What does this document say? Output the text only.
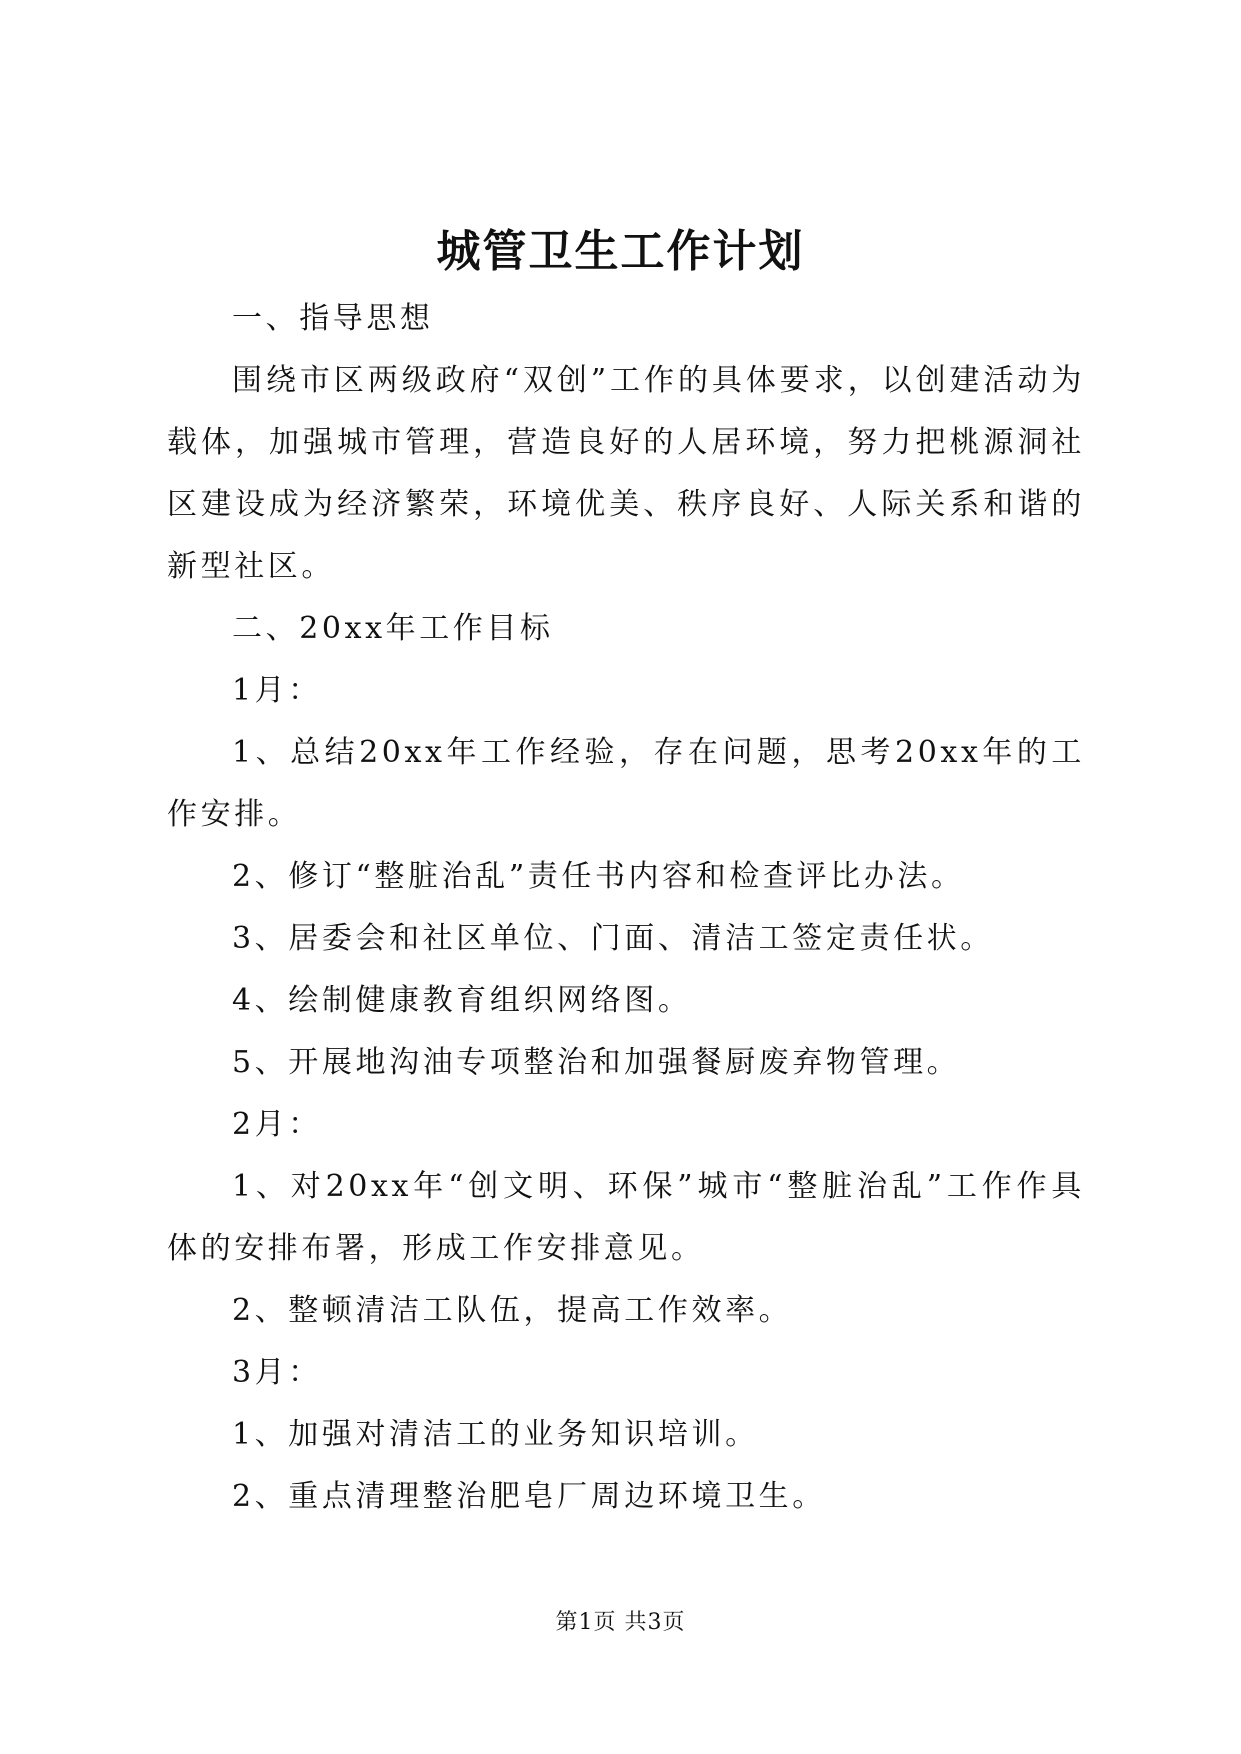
城管卫生工作计划

一、指导思想

围绕市区两级政府“双创”工作的具体要求，以创建活动为载体，加强城市管理，营造良好的人居环境，努力把桃源洞社区建设成为经济繁荣，环境优美、秩序良好、人际关系和谐的新型社区。

二、20xx年工作目标

1月：

1、总结20xx年工作经验，存在问题，思考20xx年的工作安排。

2、修订“整脏治乱”责任书内容和检查评比办法。

3、居委会和社区单位、门面、清洁工签定责任状。

4、绘制健康教育组织网络图。

5、开展地沟油专项整治和加强餐厨废弃物管理。

2月：

1、对20xx年“创文明、环保”城市“整脏治乱”工作作具体的安排布署，形成工作安排意见。

2、整顿清洁工队伍，提高工作效率。

3月：

1、加强对清洁工的业务知识培训。

2、重点清理整治肥皂厂周边环境卫生。

第1页 共3页
